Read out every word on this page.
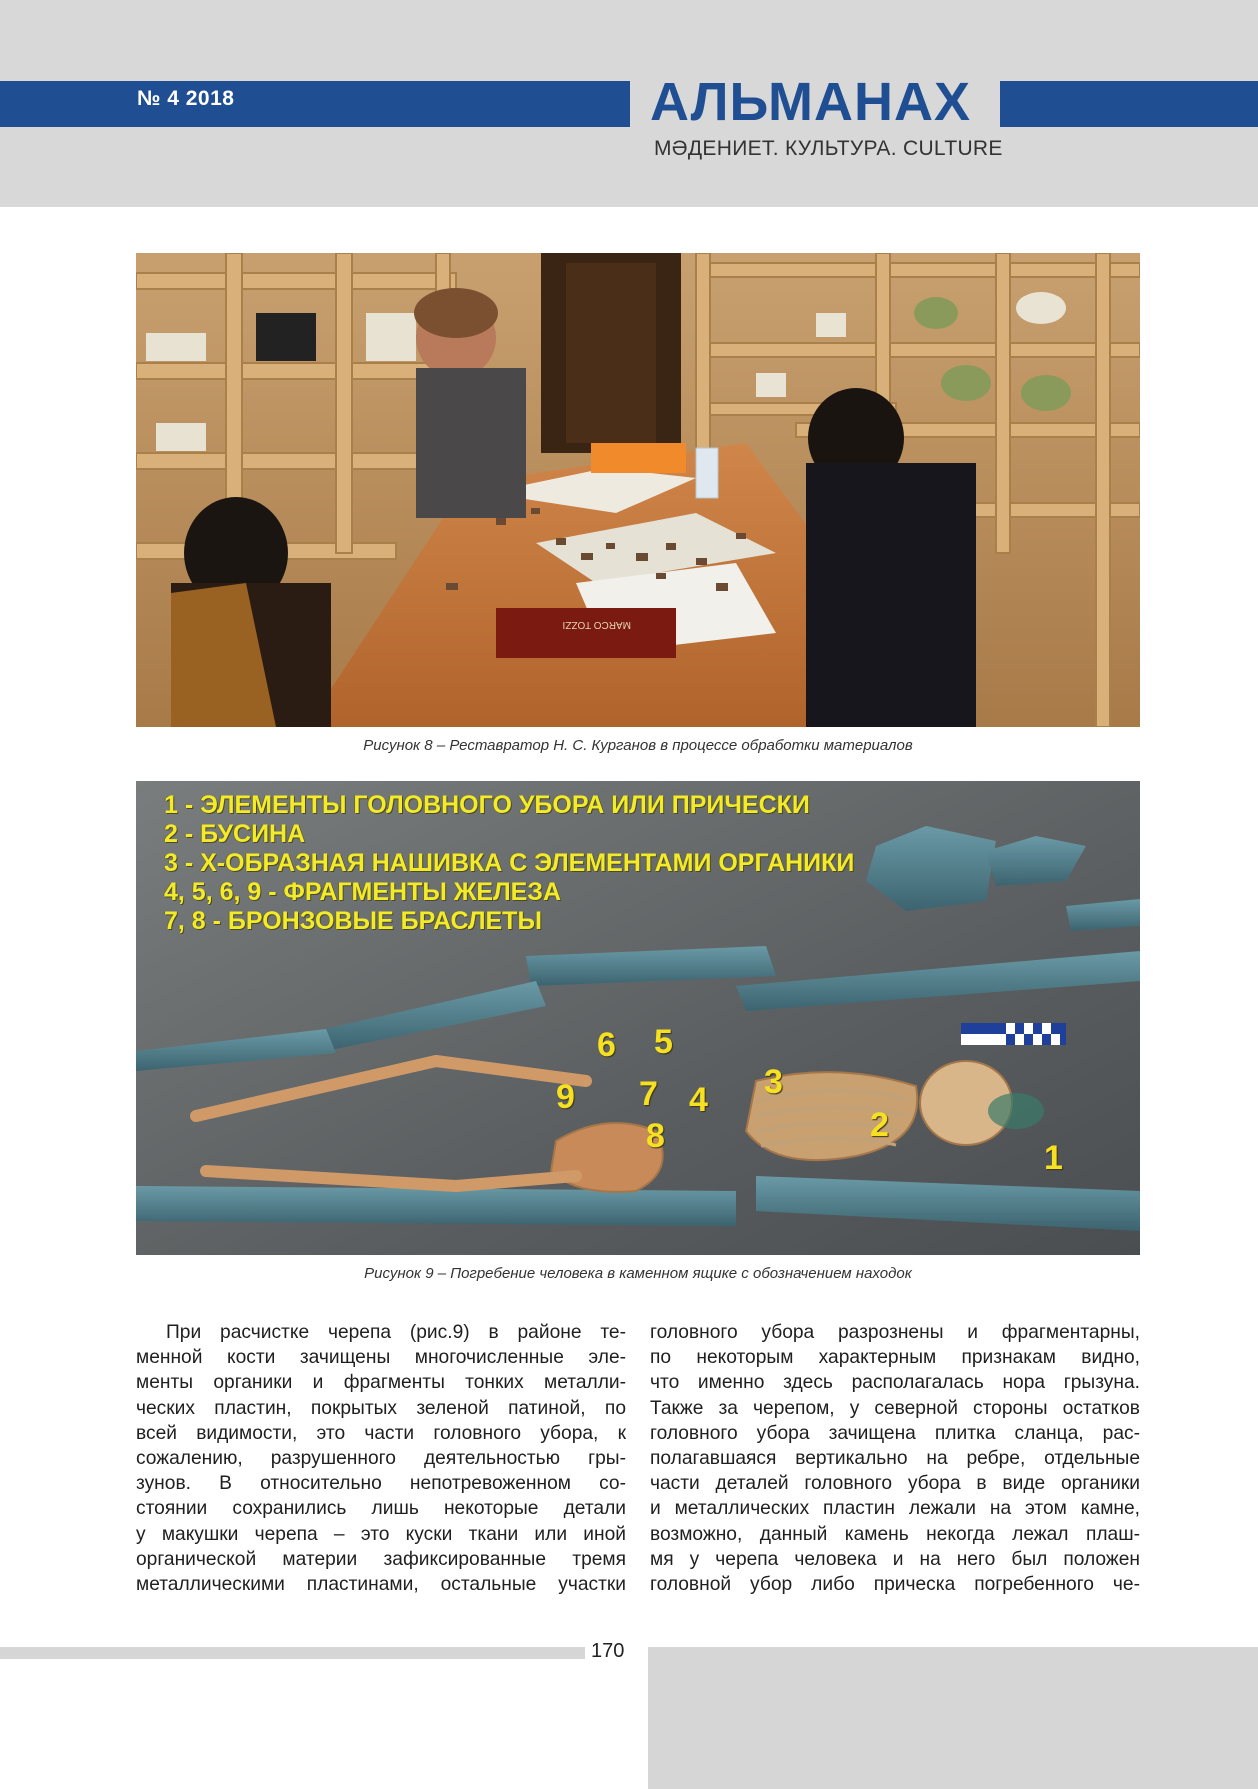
№ 4 2018	АЛЬМАНАХ
МӘДЕНИЕТ. КУЛЬТУРА. CULTURE
MARCO TOZZI
Рисунок 8 – Реставратор Н. С. Курганов в процессе обработки материалов
1 - ЭЛЕМЕНТЫ ГОЛОВНОГО УБОРА ИЛИ ПРИЧЕСКИ
2 - БУСИНА
3 - Х-ОБРАЗНАЯ НАШИВКА С ЭЛЕМЕНТАМИ ОРГАНИКИ
4, 5, 6, 9 - ФРАГМЕНТЫ ЖЕЛЕЗА
7, 8 - БРОНЗОВЫЕ БРАСЛЕТЫ
1
2
3
4
5
6
7
8
9
Рисунок 9 – Погребение человека в каменном ящике с обозначением находок
При расчистке черепа (рис.9) в районе те-
менной кости зачищены многочисленные эле-
менты органики и фрагменты тонких металли-
ческих пластин, покрытых зеленой патиной, по
всей видимости, это части головного убора, к
сожалению, разрушенного деятельностью гры-
зунов. В относительно непотревоженном со-
стоянии сохранились лишь некоторые детали
у макушки черепа – это куски ткани или иной
органической материи зафиксированные тремя
металлическими пластинами, остальные участки
головного убора разрознены и фрагментарны,
по некоторым характерным признакам видно,
что именно здесь располагалась нора грызуна.
Также за черепом, у северной стороны остатков
головного убора зачищена плитка сланца, рас-
полагавшаяся вертикально на ребре, отдельные
части деталей головного убора в виде органики
и металлических пластин лежали на этом камне,
возможно, данный камень некогда лежал плаш-
мя у черепа человека и на него был положен
головной убор либо прическа погребенного че-
170
